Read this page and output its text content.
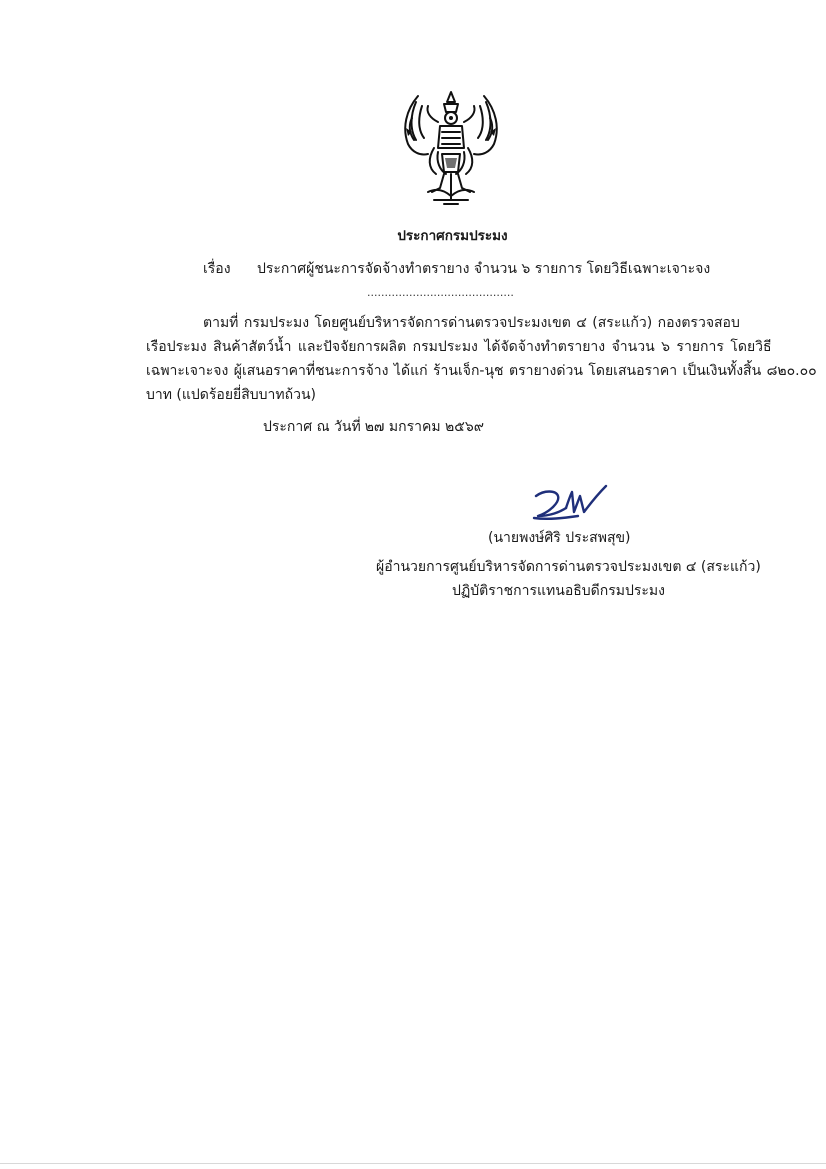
ประกาศกรมประมง
เรื่อง ประกาศผู้ชนะการจัดจ้างทำตรายาง จำนวน ๖ รายการ โดยวิธีเฉพาะเจาะจง
..........................................
ตามที่ กรมประมง โดยศูนย์บริหารจัดการด่านตรวจประมงเขต ๔ (สระแก้ว) กองตรวจสอบ
เรือประมง สินค้าสัตว์น้ำ และปัจจัยการผลิต กรมประมง ได้จัดจ้างทำตรายาง จำนวน ๖ รายการ โดยวิธี
เฉพาะเจาะจง ผู้เสนอราคาที่ชนะการจ้าง ได้แก่ ร้านเจ็ก-นุช ตรายางด่วน โดยเสนอราคา เป็นเงินทั้งสิ้น ๘๒๐.๐๐
บาท (แปดร้อยยี่สิบบาทถ้วน)
ประกาศ ณ วันที่ ๒๗ มกราคม ๒๕๖๙
(นายพงษ์ศิริ ประสพสุข)
ผู้อำนวยการศูนย์บริหารจัดการด่านตรวจประมงเขต ๔ (สระแก้ว)
ปฏิบัติราชการแทนอธิบดีกรมประมง
